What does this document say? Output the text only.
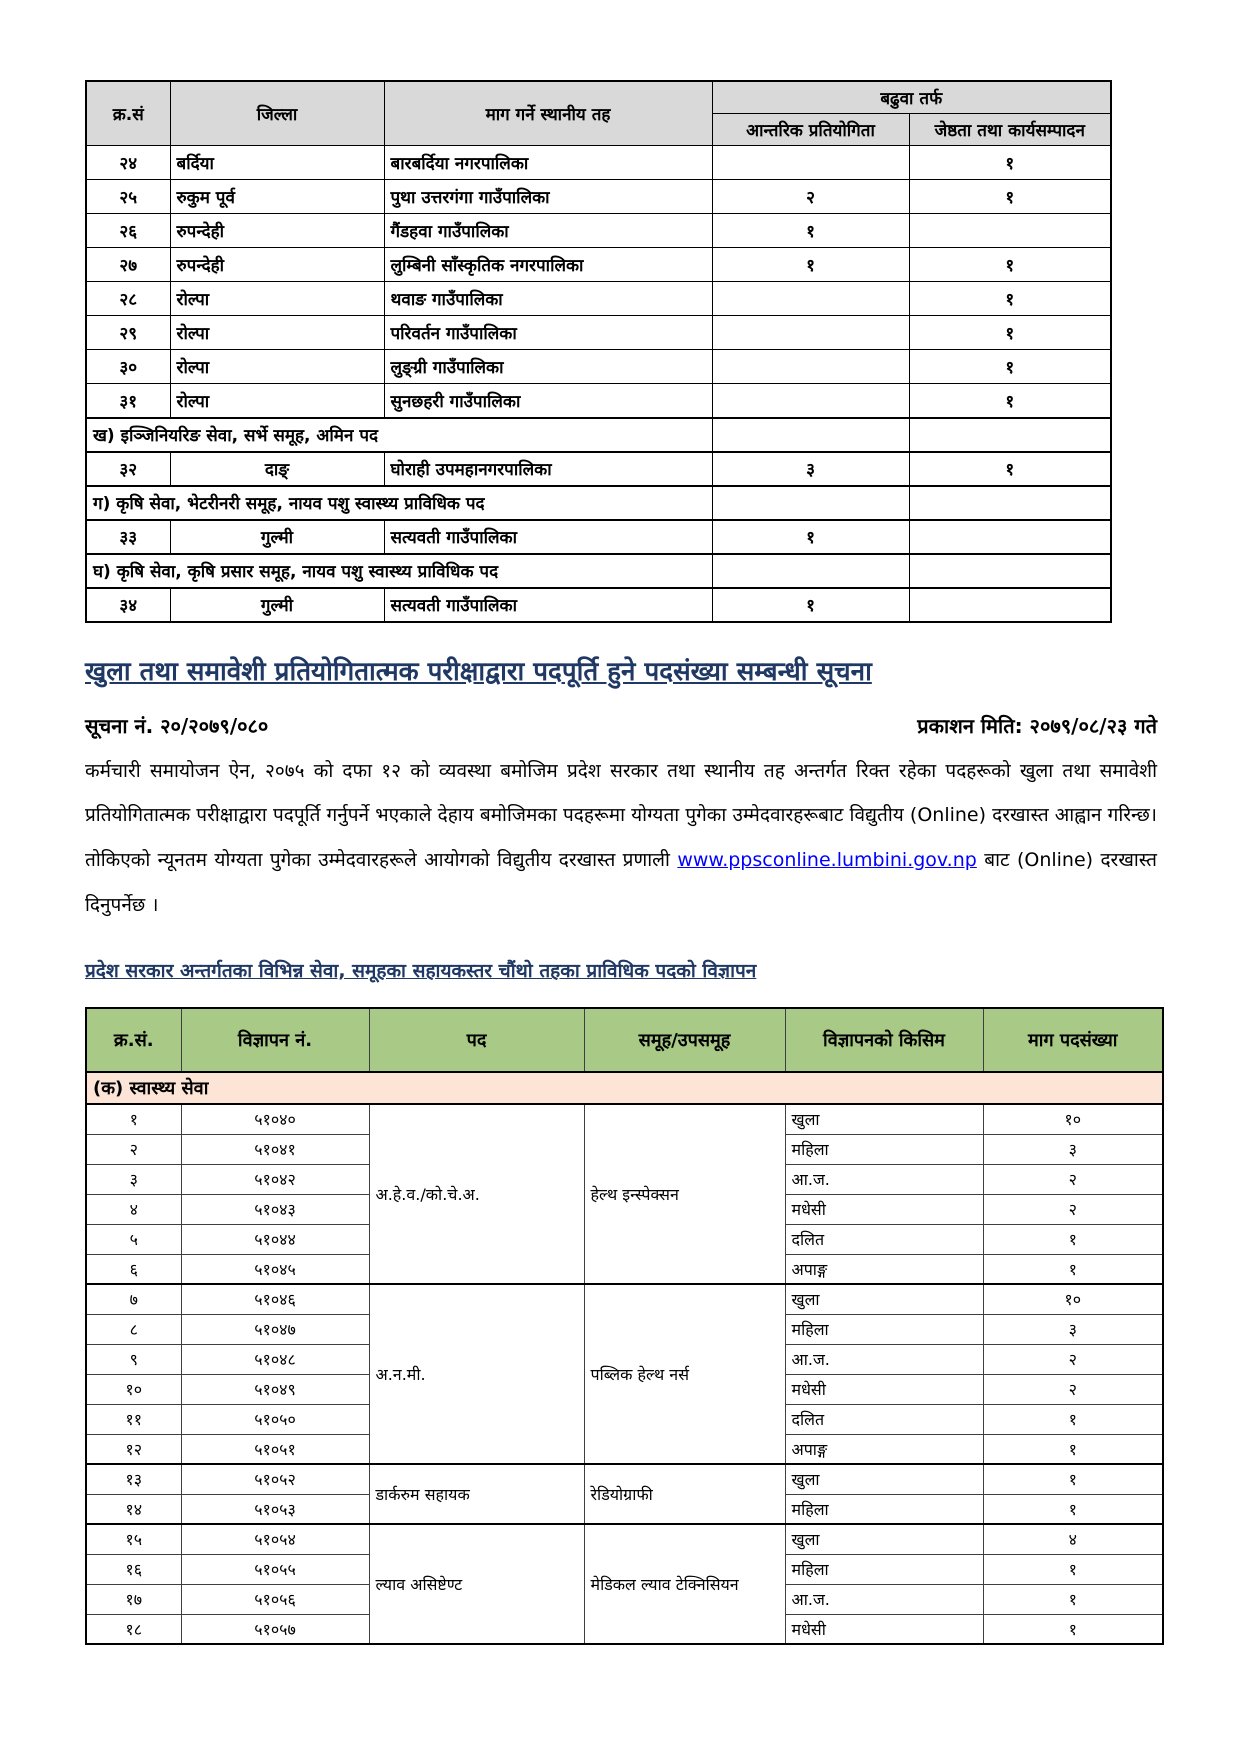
क्र.सं	जिल्ला	माग गर्ने स्थानीय तह	बढुवा तर्फ	
			आन्तरिक प्रतियोगिता	जेष्ठता तथा कार्यसम्पादन
२४	बर्दिया	बारबर्दिया नगरपालिका		१
२५	रुकुम पूर्व	पुथा उत्तरगंगा गाउँपालिका	२	१
२६	रुपन्देही	गैंडहवा गाउँपालिका	१	
२७	रुपन्देही	लुम्बिनी साँस्कृतिक नगरपालिका	१	१
२८	रोल्पा	थवाङ गाउँपालिका		१
२९	रोल्पा	परिवर्तन गाउँपालिका		१
३०	रोल्पा	लुङ्ग्री गाउँपालिका		१
३१	रोल्पा	सुनछहरी गाउँपालिका		१
ख) इञ्जिनियरिङ सेवा, सर्भे समूह, अमिन पद				
३२	दाङ्	घोराही उपमहानगरपालिका	३	१
ग) कृषि सेवा, भेटरीनरी समूह, नायव पशु स्वास्थ्य प्राविधिक पद				
३३	गुल्मी	सत्यवती गाउँपालिका	१	
घ) कृषि सेवा, कृषि प्रसार समूह, नायव पशु स्वास्थ्य प्राविधिक पद				
३४	गुल्मी	सत्यवती गाउँपालिका	१	
खुला तथा समावेशी प्रतियोगितात्मक परीक्षाद्वारा पदपूर्ति हुने पदसंख्या सम्बन्धी सूचना
सूचना नं. २०/२०७९/०८०	प्रकाशन मिति: २०७९/०८/२३ गते
कर्मचारी समायोजन ऐन, २०७५ को दफा १२ को व्यवस्था बमोजिम प्रदेश सरकार तथा स्थानीय तह अन्तर्गत रिक्त रहेका पदहरूको खुला तथा समावेशी प्रतियोगितात्मक परीक्षाद्वारा पदपूर्ति गर्नुपर्ने भएकाले देहाय बमोजिमका पदहरूमा योग्यता पुगेका उम्मेदवारहरूबाट विद्युतीय (Online) दरखास्त आह्वान गरिन्छ। तोकिएको न्यूनतम योग्यता पुगेका उम्मेदवारहरूले आयोगको विद्युतीय दरखास्त प्रणाली www.ppsconline.lumbini.gov.np बाट (Online) दरखास्त दिनुपर्नेछ ।
प्रदेश सरकार अन्तर्गतका विभिन्न सेवा, समूहका सहायकस्तर चौंथो तहका प्राविधिक पदको विज्ञापन
क्र.सं.	विज्ञापन नं.	पद	समूह/उपसमूह	विज्ञापनको किसिम	माग पदसंख्या
(क) स्वास्थ्य सेवा					
१	५१०४०	अ.हे.व./को.चे.अ.	हेल्थ इन्स्पेक्सन	खुला	१०
२	५१०४१			महिला	३
३	५१०४२			आ.ज.	२
४	५१०४३			मधेसी	२
५	५१०४४			दलित	१
६	५१०४५			अपाङ्ग	१
७	५१०४६	अ.न.मी.	पब्लिक हेल्थ नर्स	खुला	१०
८	५१०४७			महिला	३
९	५१०४८			आ.ज.	२
१०	५१०४९			मधेसी	२
११	५१०५०			दलित	१
१२	५१०५१			अपाङ्ग	१
१३	५१०५२	डार्करुम सहायक	रेडियोग्राफी	खुला	१
१४	५१०५३			महिला	१
१५	५१०५४	ल्याव असिष्टेण्ट	मेडिकल ल्याव टेक्निसियन	खुला	४
१६	५१०५५			महिला	१
१७	५१०५६			आ.ज.	१
१८	५१०५७			मधेसी	१
